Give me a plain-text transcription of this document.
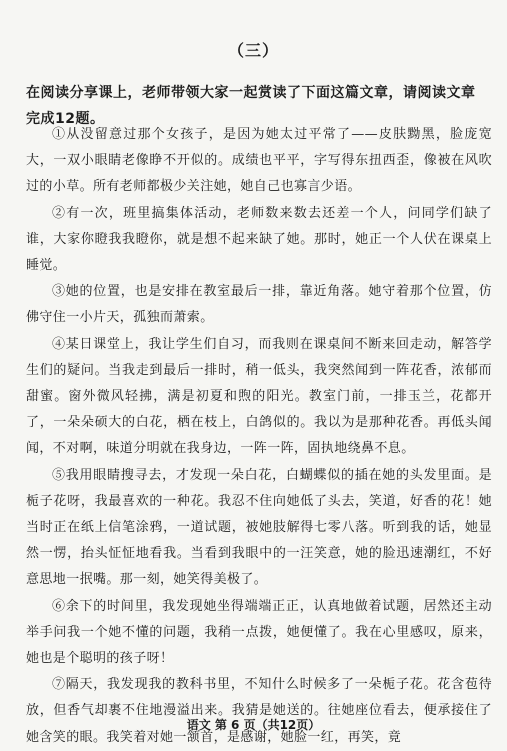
（三）
在阅读分享课上，老师带领大家一起赏读了下面这篇文章，请阅读文章完成12题。

①从没留意过那个女孩子，是因为她太过平常了——皮肤黝黑，脸庞宽大，一双小眼睛老像睁不开似的。成绩也平平，字写得东扭西歪，像被在风吹过的小草。所有老师都极少关注她，她自己也寡言少语。

②有一次，班里搞集体活动，老师数来数去还差一个人，问同学们缺了谁，大家你瞪我我瞪你，就是想不起来缺了她。那时，她正一个人伏在课桌上睡觉。

③她的位置，也是安排在教室最后一排，靠近角落。她守着那个位置，仿佛守住一小片天，孤独而萧索。

④某日课堂上，我让学生们自习，而我则在课桌间不断来回走动，解答学生们的疑问。当我走到最后一排时，稍一低头，我突然闻到一阵花香，浓郁而甜蜜。窗外微风轻拂，满是初夏和煦的阳光。教室门前，一排玉兰，花都开了，一朵朵硕大的白花，栖在枝上，白鸽似的。我以为是那种花香。再低头闻闻，不对啊，味道分明就在我身边，一阵一阵，固执地绕鼻不息。

⑤我用眼睛搜寻去，才发现一朵白花，白蝴蝶似的插在她的头发里面。是栀子花呀，我最喜欢的一种花。我忍不住向她低了头去，笑道，好香的花！她当时正在纸上信笔涂鸦，一道试题，被她肢解得七零八落。听到我的话，她显然一愣，抬头怔怔地看我。当看到我眼中的一汪笑意，她的脸迅速潮红，不好意思地一抿嘴。那一刻，她笑得美极了。

⑥余下的时间里，我发现她坐得端端正正，认真地做着试题，居然还主动举手问我一个她不懂的问题，我稍一点拨，她便懂了。我在心里感叹，原来，她也是个聪明的孩子呀！

⑦隔天，我发现我的教科书里，不知什么时候多了一朵栀子花。花含苞待放，但香气却裹不住地漫溢出来。我猜是她送的。往她座位看去，便承接住了她含笑的眼。我笑着对她一颔首，是感谢，她脸一红，再笑，竟

语文 第 6 页（共12页）
